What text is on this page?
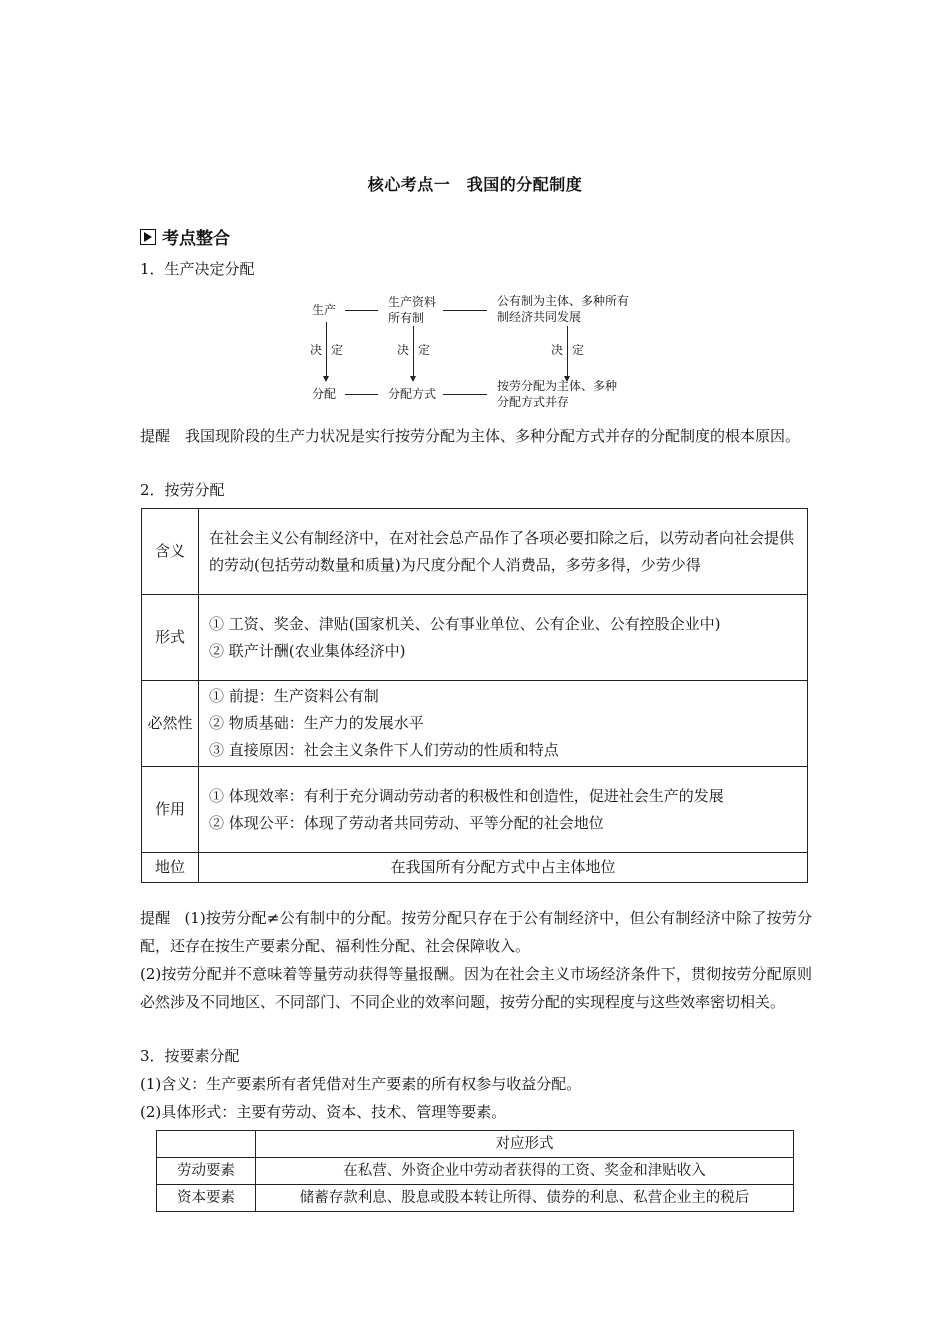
核心考点一　我国的分配制度
考点整合
1．生产决定分配
生产
生产资料
所有制
公有制为主体、多种所有
制经济共同发展
决 定	决 定	决 定
分配	分配方式
按劳分配为主体、多种
分配方式并存
提醒　我国现阶段的生产力状况是实行按劳分配为主体、多种分配方式并存的分配制度的根本原因。
2．按劳分配
含义	在社会主义公有制经济中，在对社会总产品作了各项必要扣除之后，以劳动者向社会提供的劳动(包括劳动数量和质量)为尺度分配个人消费品，多劳多得，少劳少得

形式	① 工资、奖金、津贴(国家机关、公有事业单位、公有企业、公有控股企业中)
② 联产计酬(农业集体经济中)

必然性	① 前提：生产资料公有制
② 物质基础：生产力的发展水平
③ 直接原因：社会主义条件下人们劳动的性质和特点

作用	① 体现效率：有利于充分调动劳动者的积极性和创造性，促进社会生产的发展
② 体现公平：体现了劳动者共同劳动、平等分配的社会地位

地位	在我国所有分配方式中占主体地位
提醒 (1)按劳分配≠公有制中的分配。按劳分配只存在于公有制经济中，但公有制经济中除了按劳分配，还存在按生产要素分配、福利性分配、社会保障收入。
(2)按劳分配并不意味着等量劳动获得等量报酬。因为在社会主义市场经济条件下，贯彻按劳分配原则必然涉及不同地区、不同部门、不同企业的效率问题，按劳分配的实现程度与这些效率密切相关。
3．按要素分配
(1)含义：生产要素所有者凭借对生产要素的所有权参与收益分配。
(2)具体形式：主要有劳动、资本、技术、管理等要素。
	对应形式
劳动要素	在私营、外资企业中劳动者获得的工资、奖金和津贴收入
资本要素	储蓄存款利息、股息或股本转让所得、债券的利息、私营企业主的税后
